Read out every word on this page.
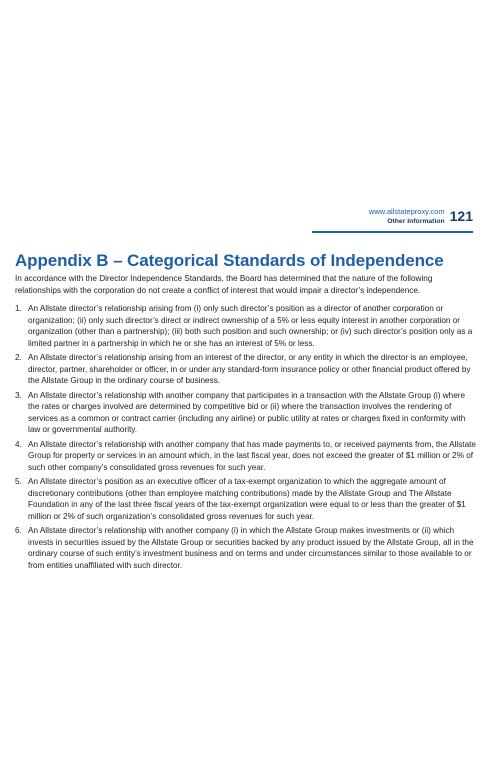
www.allstateproxy.com
Other Information 121
Appendix B – Categorical Standards of Independence

In accordance with the Director Independence Standards, the Board has determined that the nature of the following relationships with the corporation do not create a conflict of interest that would impair a director’s independence.

1. An Allstate director’s relationship arising from (i) only such director’s position as a director of another corporation or organization; (ii) only such director’s direct or indirect ownership of a 5% or less equity interest in another corporation or organization (other than a partnership); (iii) both such position and such ownership; or (iv) such director’s position only as a limited partner in a partnership in which he or she has an interest of 5% or less.
2. An Allstate director’s relationship arising from an interest of the director, or any entity in which the director is an employee, director, partner, shareholder or officer, in or under any standard-form insurance policy or other financial product offered by the Allstate Group in the ordinary course of business.
3. An Allstate director’s relationship with another company that participates in a transaction with the Allstate Group (i) where the rates or charges involved are determined by competitive bid or (ii) where the transaction involves the rendering of services as a common or contract carrier (including any airline) or public utility at rates or charges fixed in conformity with law or governmental authority.
4. An Allstate director’s relationship with another company that has made payments to, or received payments from, the Allstate Group for property or services in an amount which, in the last fiscal year, does not exceed the greater of $1 million or 2% of such other company’s consolidated gross revenues for such year.
5. An Allstate director’s position as an executive officer of a tax-exempt organization to which the aggregate amount of discretionary contributions (other than employee matching contributions) made by the Allstate Group and The Allstate Foundation in any of the last three fiscal years of the tax-exempt organization were equal to or less than the greater of $1 million or 2% of such organization’s consolidated gross revenues for such year.
6. An Allstate director’s relationship with another company (i) in which the Allstate Group makes investments or (ii) which invests in securities issued by the Allstate Group or securities backed by any product issued by the Allstate Group, all in the ordinary course of such entity’s investment business and on terms and under circumstances similar to those available to or from entities unaffiliated with such director.
